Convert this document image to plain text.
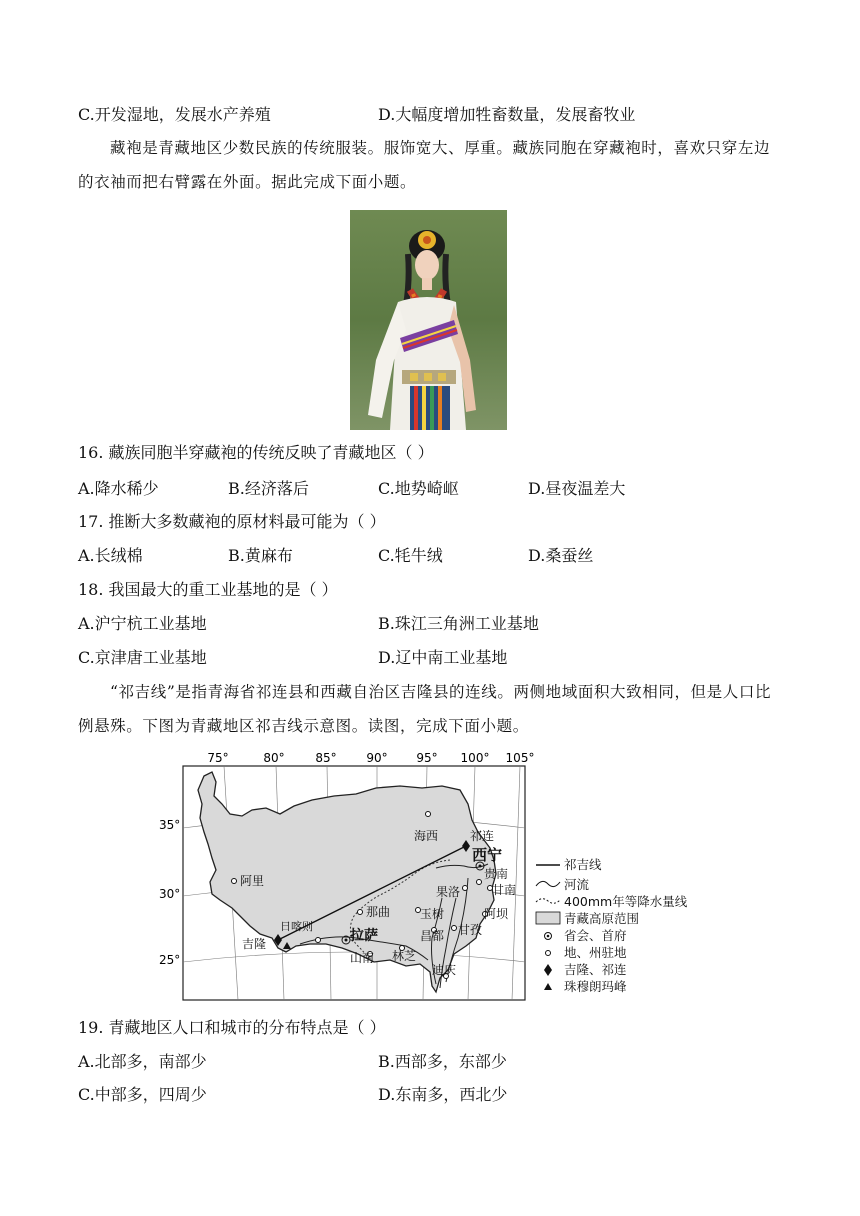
C.开发湿地，发展水产养殖	D.大幅度增加牲畜数量，发展畜牧业
藏袍是青藏地区少数民族的传统服装。服饰宽大、厚重。藏族同胞在穿藏袍时，喜欢只穿左边的衣袖而把右臂露在外面。据此完成下面小题。
16. 藏族同胞半穿藏袍的传统反映了青藏地区（ ）
A.降水稀少	B.经济落后	C.地势崎岖	D.昼夜温差大
17. 推断大多数藏袍的原材料最可能为（ ）
A.长绒棉	B.黄麻布	C.牦牛绒	D.桑蚕丝
18. 我国最大的重工业基地的是（ ）
A.沪宁杭工业基地	B.珠江三角洲工业基地
C.京津唐工业基地	D.辽中南工业基地
“祁吉线”是指青海省祁连县和西藏自治区吉隆县的连线。两侧地域面积大致相同，但是人口比例悬殊。下图为青藏地区祁吉线示意图。读图，完成下面小题。
75°	80°	85° 90° 95° 100° 105°
35°
30°
25°
祁连
西宁
海西
贵南
甘南
阿里
果洛
阿坝
那曲 玉树
日喀则
拉萨	昌都 甘孜
吉隆
山南 林芝
迪庆
祁吉线
河流
400mm年等降水量线
青藏高原范围
省会、首府
地、州驻地
吉隆、祁连
珠穆朗玛峰
19. 青藏地区人口和城市的分布特点是（ ）
A.北部多，南部少	B.西部多，东部少
C.中部多，四周少	D.东南多，西北少
